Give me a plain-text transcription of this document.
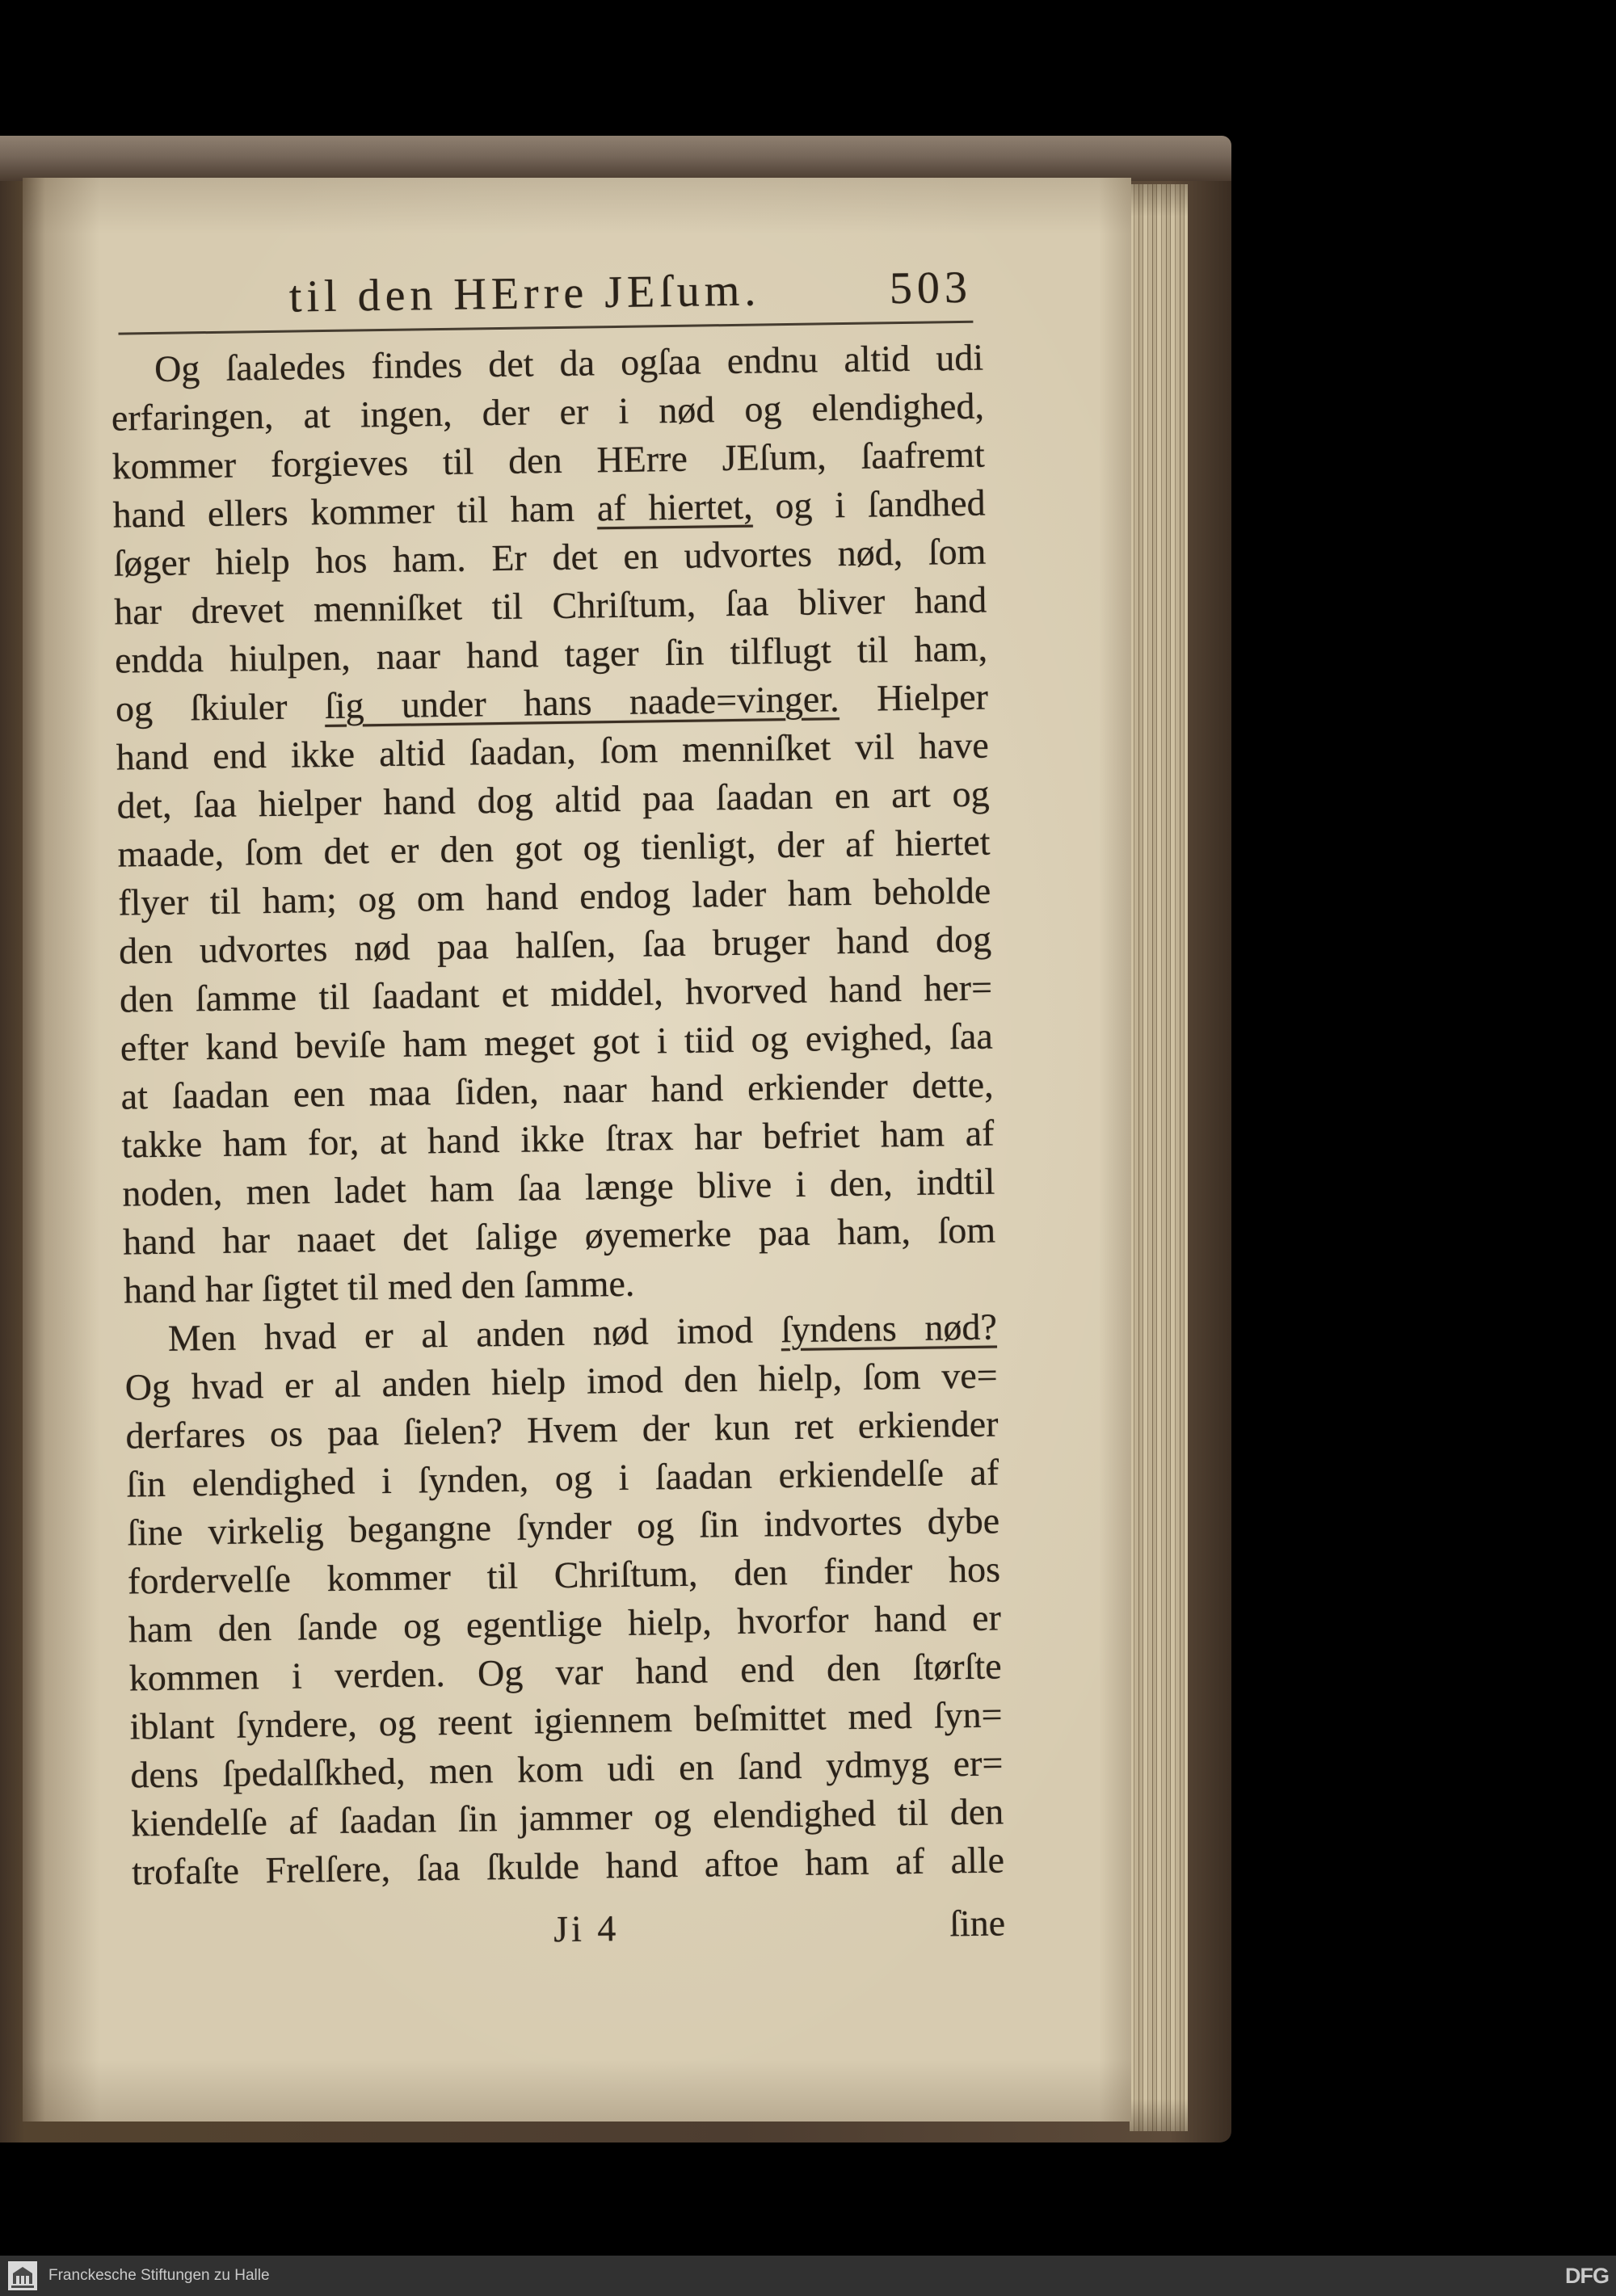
til den HErre JEſum.	503
Og ſaaledes findes det da ogſaa endnu altid udi
erfaringen, at ingen, der er i nød og elendighed,
kommer forgieves til den HErre JEſum, ſaafremt
hand ellers kommer til ham af hiertet, og i ſandhed
ſøger hielp hos ham. Er det en udvortes nød, ſom
har drevet menniſket til Chriſtum, ſaa bliver hand
endda hiulpen, naar hand tager ſin tilflugt til ham,
og ſkiuler ſig under hans naade=vinger. Hielper
hand end ikke altid ſaadan, ſom menniſket vil have
det, ſaa hielper hand dog altid paa ſaadan en art og
maade, ſom det er den got og tienligt, der af hiertet
flyer til ham; og om hand endog lader ham beholde
den udvortes nød paa halſen, ſaa bruger hand dog
den ſamme til ſaadant et middel, hvorved hand her=
efter kand beviſe ham meget got i tiid og evighed, ſaa
at ſaadan een maa ſiden, naar hand erkiender dette,
takke ham for, at hand ikke ſtrax har befriet ham af
noden, men ladet ham ſaa længe blive i den, indtil
hand har naaet det ſalige øyemerke paa ham, ſom
hand har ſigtet til med den ſamme.
Men hvad er al anden nød imod ſyndens nød?
Og hvad er al anden hielp imod den hielp, ſom ve=
derfares os paa ſielen? Hvem der kun ret erkiender
ſin elendighed i ſynden, og i ſaadan erkiendelſe af
ſine virkelig begangne ſynder og ſin indvortes dybe
fordervelſe kommer til Chriſtum, den finder hos
ham den ſande og egentlige hielp, hvorfor hand er
kommen i verden. Og var hand end den ſtørſte
iblant ſyndere, og reent igiennem beſmittet med ſyn=
dens ſpedalſkhed, men kom udi en ſand ydmyg er=
kiendelſe af ſaadan ſin jammer og elendighed til den
trofaſte Frelſere, ſaa ſkulde hand aftoe ham af alle
Ji 4	ſine
Franckesche Stiftungen zu Halle	DFG
